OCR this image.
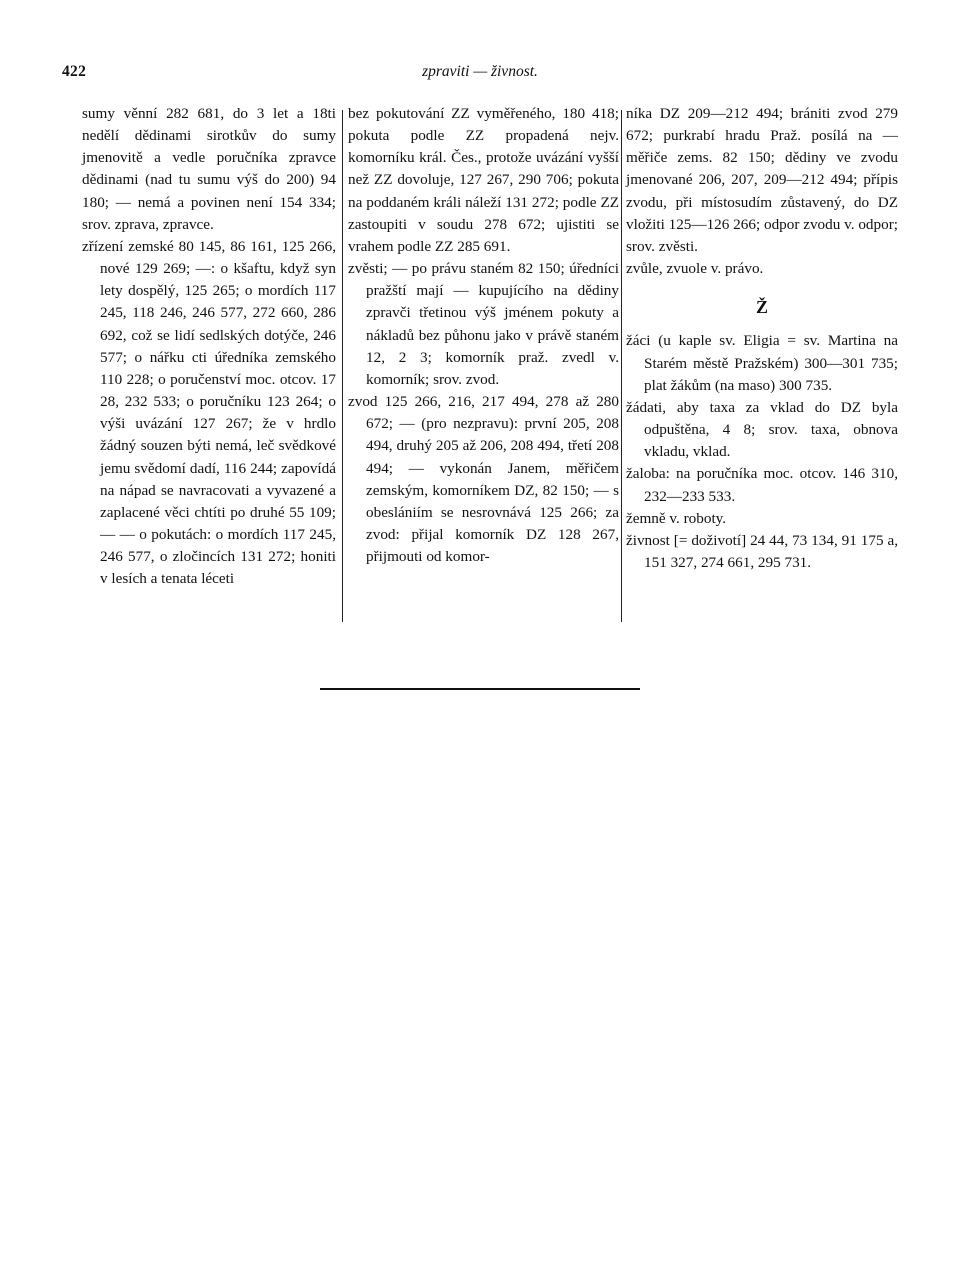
422	zpraviti — živnost.

sumy věnní 282 681, do 3 let a 18ti nedělí dědinami sirotkův do sumy jmenovitě a vedle poručníka zpravce dědinami (nad tu sumu výš do 200) 94 180; — nemá a povinen není 154 334; srov. zprava, zpravce.

zřízení zemské 80 145, 86 161, 125 266, nové 129 269; —: o kšaftu, když syn lety dospělý, 125 265; o mordích 117 245, 118 246, 246 577, 272 660, 286 692, což se lidí sedlských dotýče, 246 577; o nářku cti úředníka zemského 110 228; o poručenství moc. otcov. 17 28, 232 533; o poručníku 123 264; o výši uvázání 127 267; že v hrdlo žádný souzen býti nemá, leč svědkové jemu svědomí dadí, 116 244; zapovídá na nápad se navracovati a vyvazené a zaplacené věci chtíti po druhé 55 109; — — o pokutách: o mordích 117 245, 246 577, o zločincích 131 272; honiti v lesích a tenata léceti

bez pokutování ZZ vyměřeného, 180 418; pokuta podle ZZ propadená nejv. komorníku král. Čes., protože uvázání vyšší než ZZ dovoluje, 127 267, 290 706; pokuta na poddaném králi náleží 131 272; podle ZZ zastoupiti v soudu 278 672; ujistiti se vrahem podle ZZ 285 691.

zvěsti; — po právu staném 82 150; úředníci pražští mají — kupujícího na dědiny zpravči třetinou výš jménem pokuty a nákladů bez půhonu jako v právě staném 12, 2 3; komorník praž. zvedl v. komorník; srov. zvod.

zvod 125 266, 216, 217 494, 278 až 280 672; — (pro nezpravu): první 205, 208 494, druhý 205 až 206, 208 494, třetí 208 494; — vykonán Janem, měřičem zemským, komorníkem DZ, 82 150; — s obeslániím se nesrovnává 125 266; za zvod: přijal komorník DZ 128 267, přijmouti od komor-

níka DZ 209—212 494; brániti zvod 279 672; purkrabí hradu Praž. posílá na — měřiče zems. 82 150; dědiny ve zvodu jmenované 206, 207, 209—212 494; přípis zvodu, při místosudím zůstavený, do DZ vložiti 125—126 266; odpor zvodu v. odpor; srov. zvěsti.

zvůle, zvuole v. právo.

Ž

žáci (u kaple sv. Eligia = sv. Martina na Starém městě Pražském) 300—301 735; plat žákům (na maso) 300 735.

žádati, aby taxa za vklad do DZ byla odpuštěna, 4 8; srov. taxa, obnova vkladu, vklad.

žaloba: na poručníka moc. otcov. 146 310, 232—233 533.

žemně v. roboty.

živnost [= doživotí] 24 44, 73 134, 91 175 a, 151 327, 274 661, 295 731.
